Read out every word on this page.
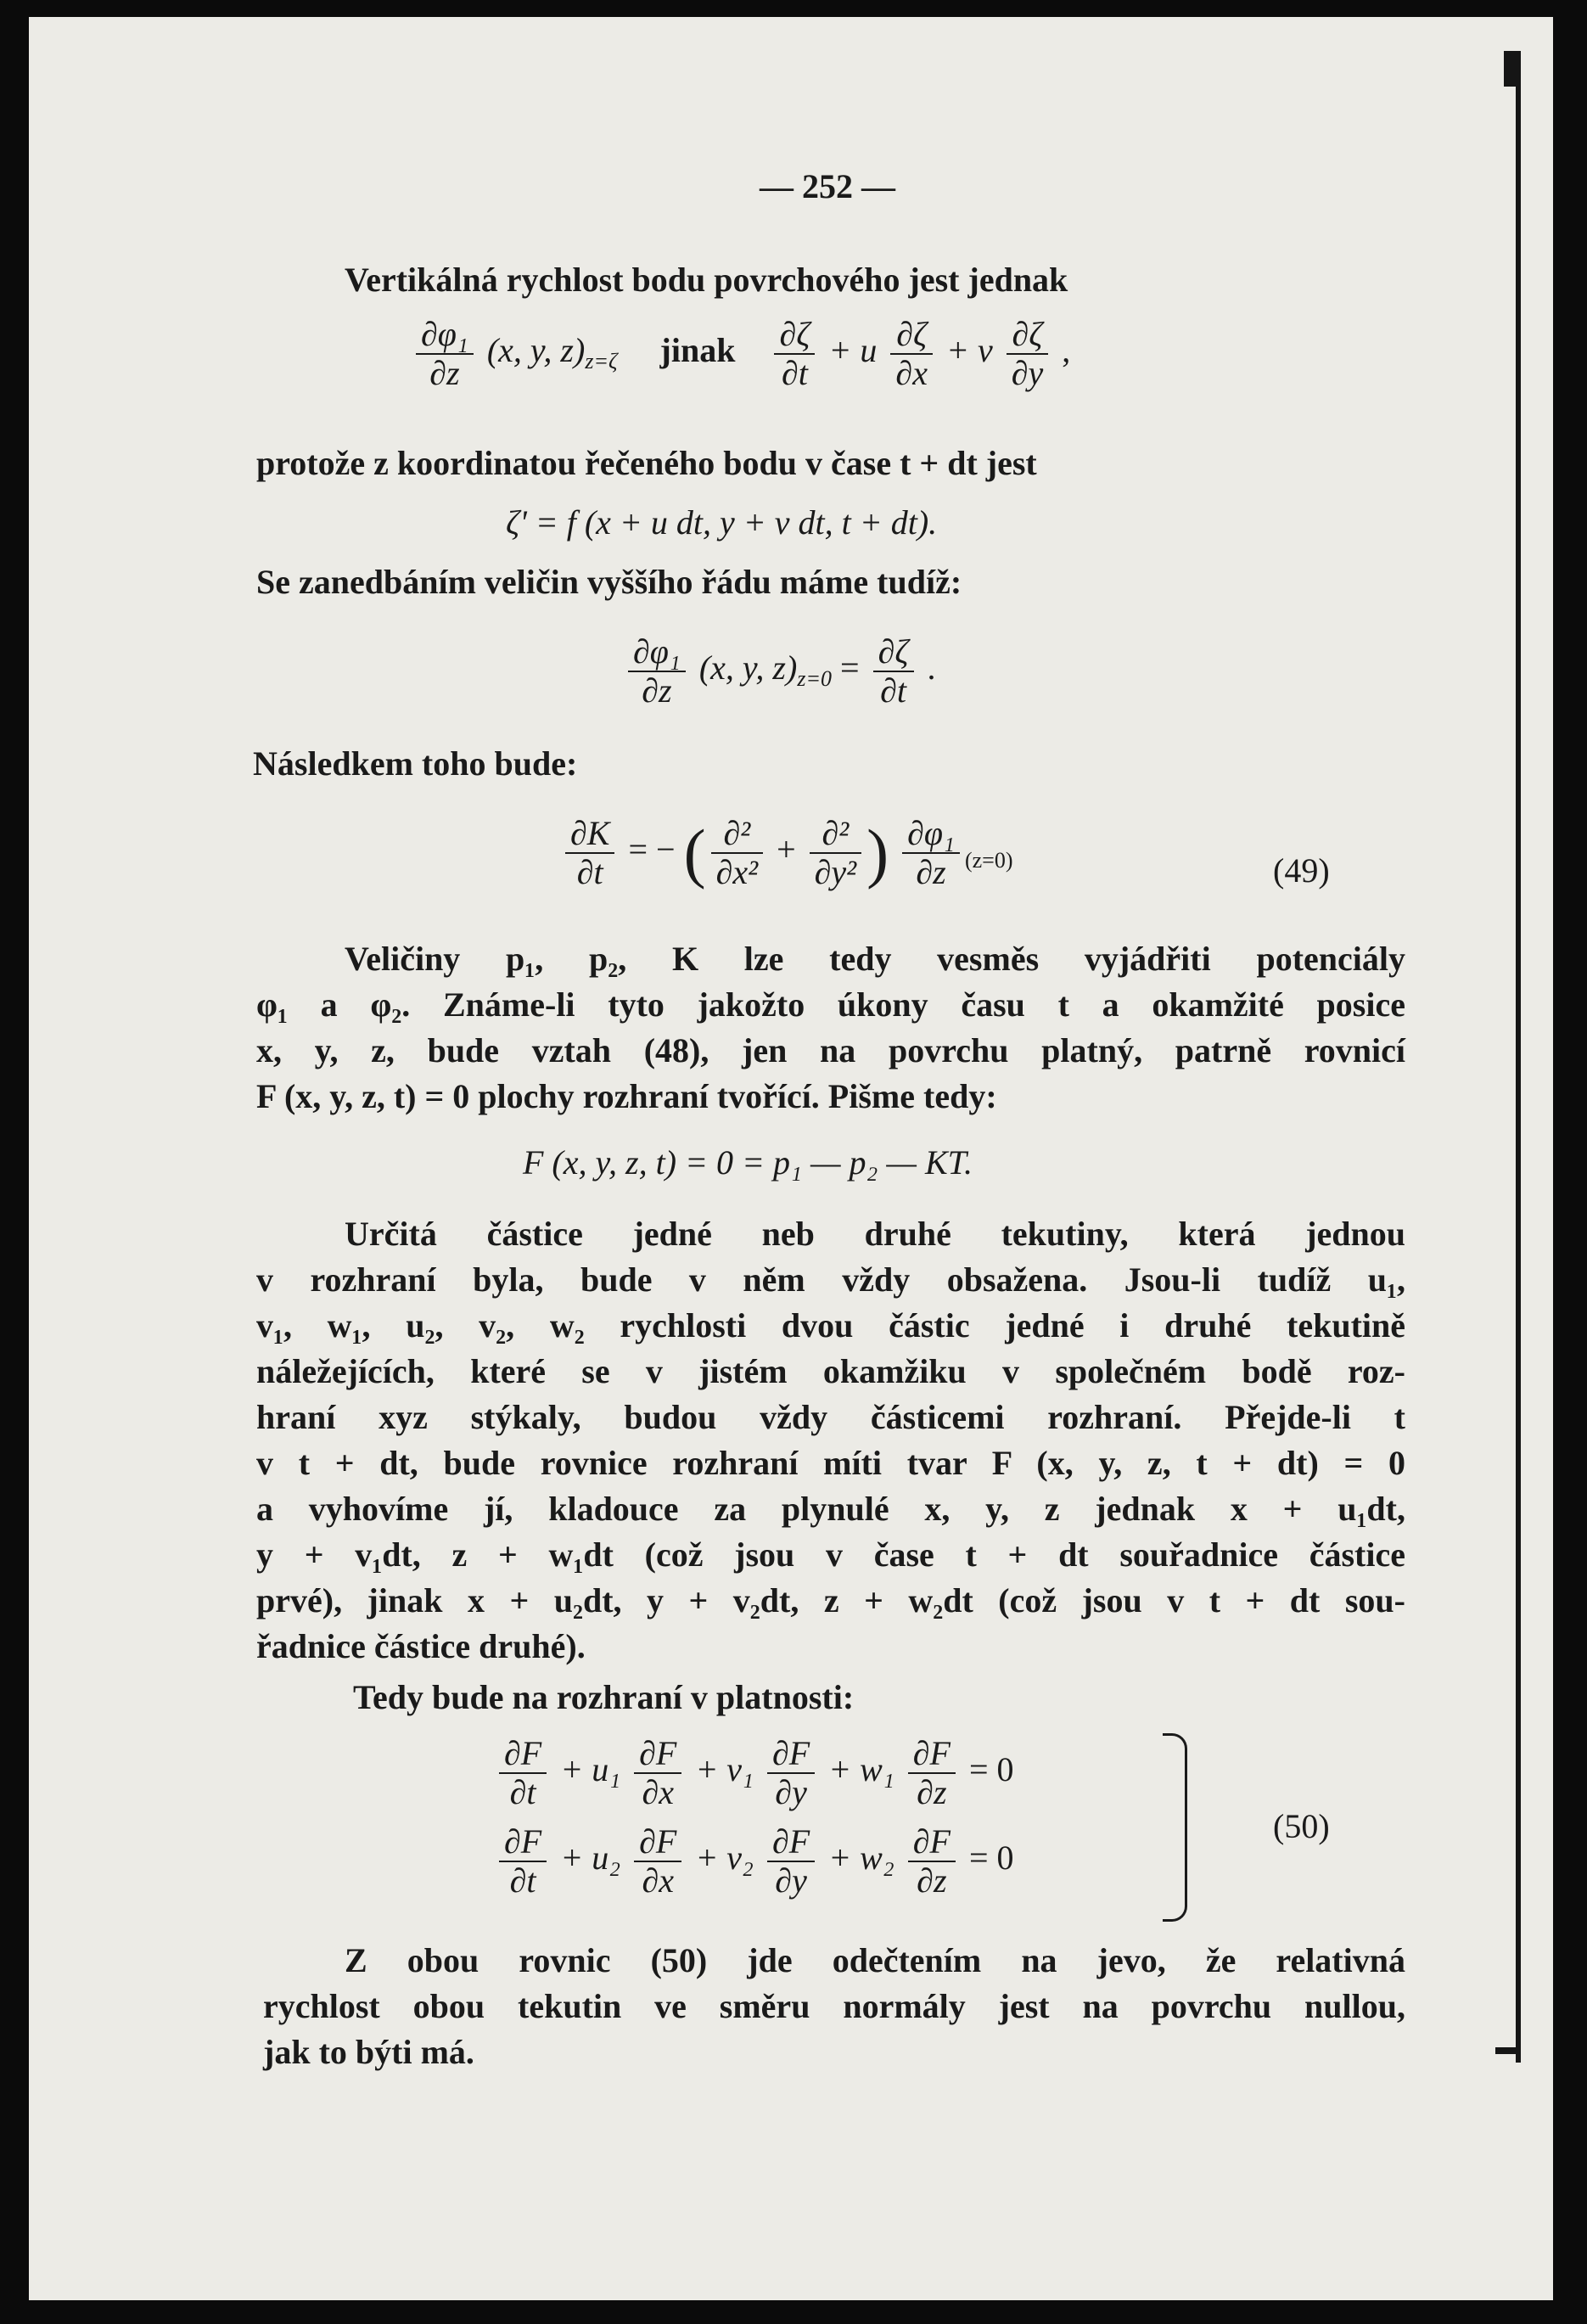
— 252 —
Vertikálná rychlost bodu povrchového jest jednak
$\frac{\text{∂φ₁}}{\partial z} (x$, y, $z)_{z=\zeta}$ jinak $\frac{\partial\zeta}{\partial t} + u \frac{\partial\zeta}{\partial x} + v \frac{\partial\zeta}{\partial y}$ ,
protože z koordinatou řečeného bodu v čase t + dt jest
ζ' = f (x + u dt, y + v dt, t + dt).
Se zanedbáním veličin vyššího řádu máme tudíž:
$\frac{\text{∂φ₁}}{\partial z} (x$, y, $z)_{z=0} = \frac{\partial\zeta}{\partial t}$ .
Následkem toho bude:
$\frac{\partial K}{\partial t}$ = − ( $\frac{\text{∂²}}{\text{∂x²}} + \frac{\text{∂²}}{\text{∂y²}}$ ) $\frac{\text{∂φ₁}}{\partial z} _{(z=0)}$	(49)
Veličiny p₁, p₂, K lze tedy vesměs vyjádřiti potenciály
φ₁ a φ₂. Známe-li tyto jakožto úkony času t a okamžité posice
x, y, z, bude vztah (48), jen na povrchu platný, patrně rovnicí
F (x, y, z, t) = 0 plochy rozhraní tvořící. Pišme tedy:
F (x, y, z, t) = 0 = p₁ — p₂ — KT.
Určitá částice jedné neb druhé tekutiny, která jednou
v rozhraní byla, bude v něm vždy obsažena. Jsou-li tudíž u₁,
v₁, w₁, u₂, v₂, w₂ rychlosti dvou částic jedné i druhé tekutině
náležejících, které se v jistém okamžiku v společném bodě roz-
hraní xyz stýkaly, budou vždy částicemi rozhraní. Přejde-li t
v t + dt, bude rovnice rozhraní míti tvar F (x, y, z, t + dt) = 0
a vyhovíme jí, kladouce za plynulé x, y, z jednak x + u₁dt,
y + v₁dt, z + w₁dt (což jsou v čase t + dt souřadnice částice
prvé), jinak x + u₂dt, y + v₂dt, z + w₂dt (což jsou v t + dt sou-
řadnice částice druhé).
Tedy bude na rozhraní v platnosti:
$\frac{\partial F}{\partial t} + u_1 \frac{\partial F}{\partial x} + v_1 \frac{\partial F}{\partial y} + w_1 \frac{\partial F}{\partial z} = 0$
$\frac{\partial F}{\partial t} + u_2 \frac{\partial F}{\partial x} + v_2 \frac{\partial F}{\partial y} + w_2 \frac{\partial F}{\partial z} = 0$
(50)
Z obou rovnic (50) jde odečtením na jevo, že relativná
rychlost obou tekutin ve směru normály jest na povrchu nullou,
jak to býti má.
